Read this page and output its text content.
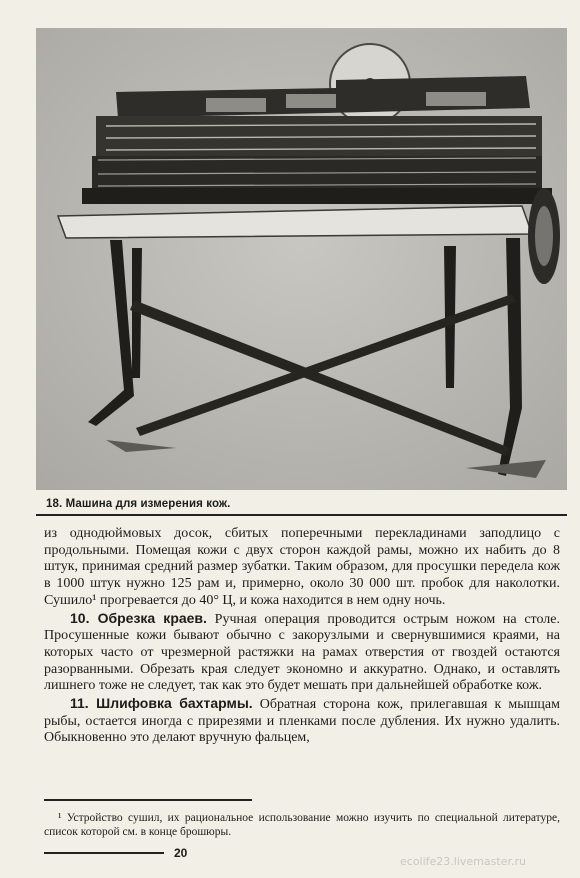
18. Машина для измерения кож.

из однодюймовых досок, сбитых поперечными перекладинами заподлицо с продольными. Помещая кожи с двух сторон каждой рамы, можно их набить до 8 штук, принимая средний размер зубатки. Таким образом, для просушки передела кож в 1000 штук нужно 125 рам и, примерно, около 30 000 шт. пробок для наколотки. Сушило¹ прогревается до 40° Ц, и кожа находится в нем одну ночь.

10. Обрезка краев. Ручная операция проводится острым ножом на столе. Просушенные кожи бывают обычно с закорузлыми и свернувшимися краями, на которых часто от чрезмерной растяжки на рамах отверстия от гвоздей остаются разорванными. Обрезать края следует экономно и аккуратно. Однако, и оставлять лишнего тоже не следует, так как это будет мешать при дальнейшей обработке кож.

11. Шлифовка бахтармы. Обратная сторона кож, прилегавшая к мышцам рыбы, остается иногда с прирезями и пленками после дубления. Их нужно удалить. Обыкновенно это делают вручную фальцем,

¹ Устройство сушил, их рациональное использование можно изучить по специальной литературе, список которой см. в конце брошюры.
20
ecolife23.livemaster.ru
